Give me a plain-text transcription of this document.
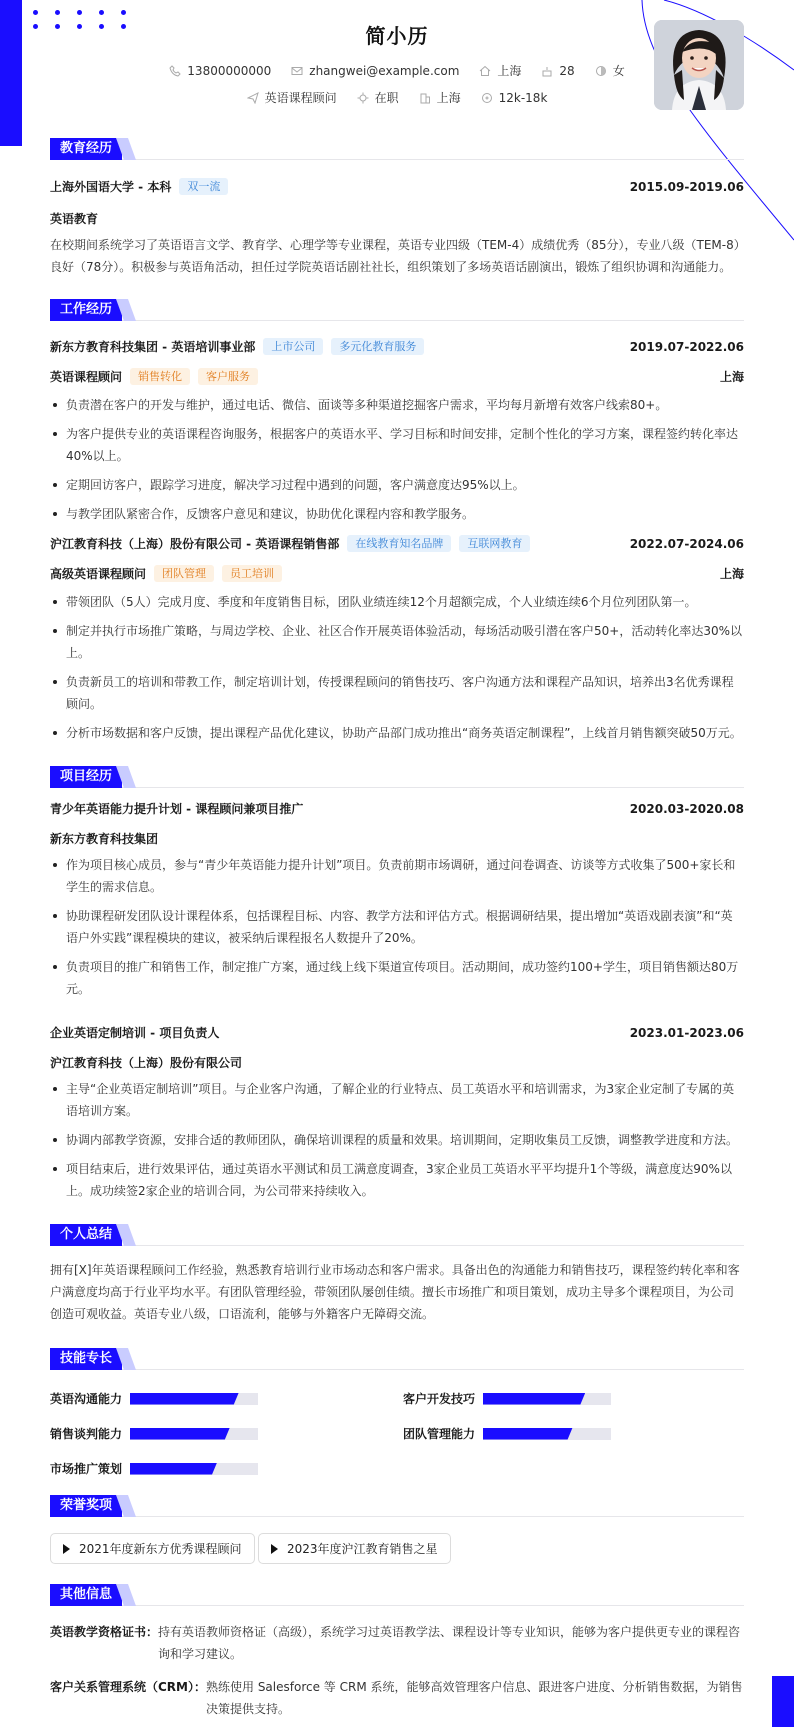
简小历
13800000000	zhangwei@example.com	上海	28	女
英语课程顾问	在职	上海	12k-18k
教育经历
上海外国语大学 - 本科	双一流	2015.09-2019.06
英语教育
在校期间系统学习了英语语言文学、教育学、心理学等专业课程，英语专业四级（TEM-4）成绩优秀（85分），专业八级（TEM-8）良好（78分）。积极参与英语角活动，担任过学院英语话剧社社长，组织策划了多场英语话剧演出，锻炼了组织协调和沟通能力。
工作经历
新东方教育科技集团 - 英语培训事业部	上市公司	多元化教育服务	2019.07-2022.06
英语课程顾问	销售转化	客户服务	上海
负责潜在客户的开发与维护，通过电话、微信、面谈等多种渠道挖掘客户需求，平均每月新增有效客户线索80+。
为客户提供专业的英语课程咨询服务，根据客户的英语水平、学习目标和时间安排，定制个性化的学习方案，课程签约转化率达40%以上。
定期回访客户，跟踪学习进度，解决学习过程中遇到的问题，客户满意度达95%以上。
与教学团队紧密合作，反馈客户意见和建议，协助优化课程内容和教学服务。
沪江教育科技（上海）股份有限公司 - 英语课程销售部	在线教育知名品牌	互联网教育	2022.07-2024.06
高级英语课程顾问	团队管理	员工培训	上海
带领团队（5人）完成月度、季度和年度销售目标，团队业绩连续12个月超额完成，个人业绩连续6个月位列团队第一。
制定并执行市场推广策略，与周边学校、企业、社区合作开展英语体验活动，每场活动吸引潜在客户50+，活动转化率达30%以上。
负责新员工的培训和带教工作，制定培训计划，传授课程顾问的销售技巧、客户沟通方法和课程产品知识，培养出3名优秀课程顾问。
分析市场数据和客户反馈，提出课程产品优化建议，协助产品部门成功推出“商务英语定制课程”，上线首月销售额突破50万元。
项目经历
青少年英语能力提升计划 - 课程顾问兼项目推广	2020.03-2020.08
新东方教育科技集团
作为项目核心成员，参与“青少年英语能力提升计划”项目。负责前期市场调研，通过问卷调查、访谈等方式收集了500+家长和学生的需求信息。
协助课程研发团队设计课程体系，包括课程目标、内容、教学方法和评估方式。根据调研结果，提出增加“英语戏剧表演”和“英语户外实践”课程模块的建议，被采纳后课程报名人数提升了20%。
负责项目的推广和销售工作，制定推广方案，通过线上线下渠道宣传项目。活动期间，成功签约100+学生，项目销售额达80万元。
企业英语定制培训 - 项目负责人	2023.01-2023.06
沪江教育科技（上海）股份有限公司
主导“企业英语定制培训”项目。与企业客户沟通，了解企业的行业特点、员工英语水平和培训需求，为3家企业定制了专属的英语培训方案。
协调内部教学资源，安排合适的教师团队，确保培训课程的质量和效果。培训期间，定期收集员工反馈，调整教学进度和方法。
项目结束后，进行效果评估，通过英语水平测试和员工满意度调查，3家企业员工英语水平平均提升1个等级，满意度达90%以上。成功续签2家企业的培训合同，为公司带来持续收入。
个人总结
拥有[X]年英语课程顾问工作经验，熟悉教育培训行业市场动态和客户需求。具备出色的沟通能力和销售技巧，课程签约转化率和客户满意度均高于行业平均水平。有团队管理经验，带领团队屡创佳绩。擅长市场推广和项目策划，成功主导多个课程项目，为公司创造可观收益。英语专业八级，口语流利，能够与外籍客户无障碍交流。
技能专长
英语沟通能力	客户开发技巧
销售谈判能力	团队管理能力
市场推广策划
荣誉奖项
2021年度新东方优秀课程顾问	2023年度沪江教育销售之星
其他信息
英语教学资格证书： 持有英语教师资格证（高级），系统学习过英语教学法、课程设计等专业知识，能够为客户提供更专业的课程咨询和学习建议。
客户关系管理系统（CRM）： 熟练使用 Salesforce 等 CRM 系统，能够高效管理客户信息、跟进客户进度、分析销售数据，为销售决策提供支持。
